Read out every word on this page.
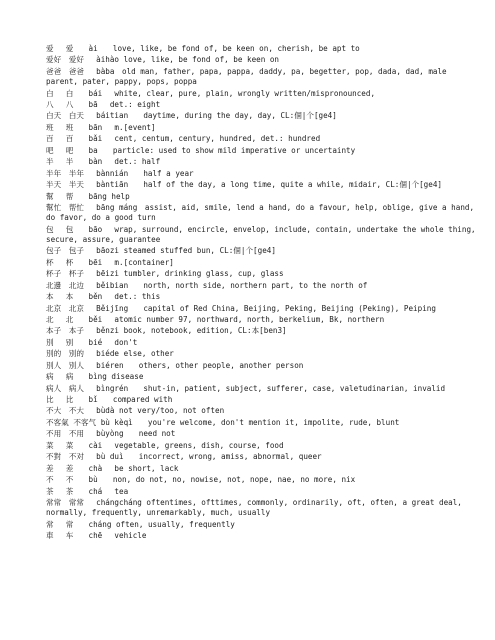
爱　 爱　　ài　　love, like, be fond of, be keen on, cherish, be apt to
爱好　爱好　 àihào love, like, be fond of, be keen on
爸爸　爸爸　 bàba　old man, father, papa, pappa, daddy, pa, begetter, pop, dada, dad, male parent, pater, pappy, pops, poppa
白　 白　　bái　 white, clear, pure, plain, wrongly written/mispronounced,
八　 八　　bā　 det.: eight
白天　白天　 báitian　　daytime, during the day, day, CL:個|个[ge4]
班　 班　　bān　 m.[event]
百　 百　　bǎi　 cent, centum, century, hundred, det.: hundred
吧　 吧　　ba　　particle: used to show mild imperative or uncertainty
半　 半　　bàn　 det.: half
半年　半年　 bànnián　　half a year
半天　半天　 bàntiān　　half of the day, a long time, quite a while, midair, CL:個|个[ge4]
幫　 帮　　bāng help
幫忙　帮忙　 bāng máng　assist, aid, smile, lend a hand, do a favour, help, oblige, give a hand, do favor, do a good turn
包　 包　　bāo　 wrap, surround, encircle, envelop, include, contain, undertake the whole thing, secure, assure, guarantee
包子　包子　 bāozi steamed stuffed bun, CL:個|个[ge4]
杯　 杯　　bēi　 m.[container]
杯子　杯子　 bēizi tumbler, drinking glass, cup, glass
北邊　北边　 běibian　　north, north side, northern part, to the north of
本　 本　　běn　 det.: this
北京　北京　 Běijīng　　capital of Red China, Beijing, Peking, Beijing (Peking), Peiping
北　 北　　běi　 atomic number 97, northward, north, berkelium, Bk, northern
本子　本子　 běnzi book, notebook, edition, CL:本[ben3]
別　 别　　bié　 don't
別的　別的　 biéde else, other
別人　別人　 biéren　　others, other people, another person
病　 病　　bìng disease
病人　病人　 bìngrén　　shut-in, patient, subject, sufferer, case, valetudinarian, invalid
比　 比　　bǐ　　compared with
不大　不大　 bùdà not very/too, not often
不客氣 不客气 bù kèqì　　you're welcome, don't mention it, impolite, rude, blunt
不用　不用　 bùyòng　　need not
菜　 菜　　cài　 vegetable, greens, dish, course, food
不對　不对　 bù duì　　incorrect, wrong, amiss, abnormal, queer
差　 差　　chà　 be short, lack
不　 不　　bù　　non, do not, no, nowise, not, nope, nae, no more, nix
茶　 茶　　chá　 tea
常常　常常　 chángcháng oftentimes, ofttimes, commonly, ordinarily, oft, often, a great deal, normally, frequently, unremarkably, much, usually
常　 常　　cháng often, usually, frequently
車　 车　　chē　 vehicle
